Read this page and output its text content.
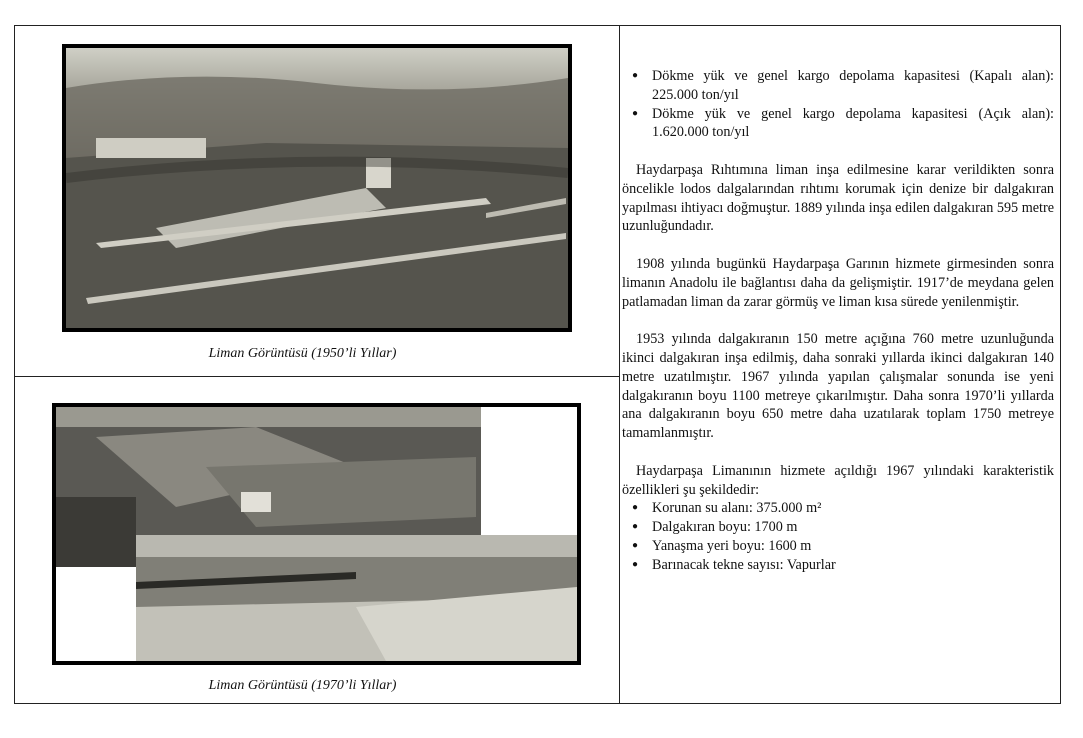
Liman Görüntüsü (1950’li Yıllar)
Liman Görüntüsü (1970’li Yıllar)
● Dökme yük ve genel kargo depolama kapasitesi (Kapalı alan): 225.000 ton/yıl
● Dökme yük ve genel kargo depolama kapasitesi (Açık alan): 1.620.000 ton/yıl

Haydarpaşa Rıhtımına liman inşa edilmesine karar verildikten sonra öncelikle lodos dalgalarından rıhtımı korumak için denize bir dalgakıran yapılması ihtiyacı doğmuştur. 1889 yılında inşa edilen dalgakıran 595 metre uzunluğundadır.

1908 yılında bugünkü Haydarpaşa Garının hizmete girmesinden sonra limanın Anadolu ile bağlantısı daha da gelişmiştir. 1917’de meydana gelen patlamadan liman da zarar görmüş ve liman kısa sürede yenilenmiştir.

1953 yılında dalgakıranın 150 metre açığına 760 metre uzunluğunda ikinci dalgakıran inşa edilmiş, daha sonraki yıllarda ikinci dalgakıran 140 metre uzatılmıştır. 1967 yılında yapılan çalışmalar sonunda ise yeni dalgakıranın boyu 1100 metreye çıkarılmıştır. Daha sonra 1970’li yıllarda ana dalgakıranın boyu 650 metre daha uzatılarak toplam 1750 metreye tamamlanmıştır.

Haydarpaşa Limanının hizmete açıldığı 1967 yılındaki karakteristik özellikleri şu şekildedir:

● Korunan su alanı: 375.000 m²
● Dalgakıran boyu: 1700 m
● Yanaşma yeri boyu: 1600 m
● Barınacak tekne sayısı: Vapurlar
